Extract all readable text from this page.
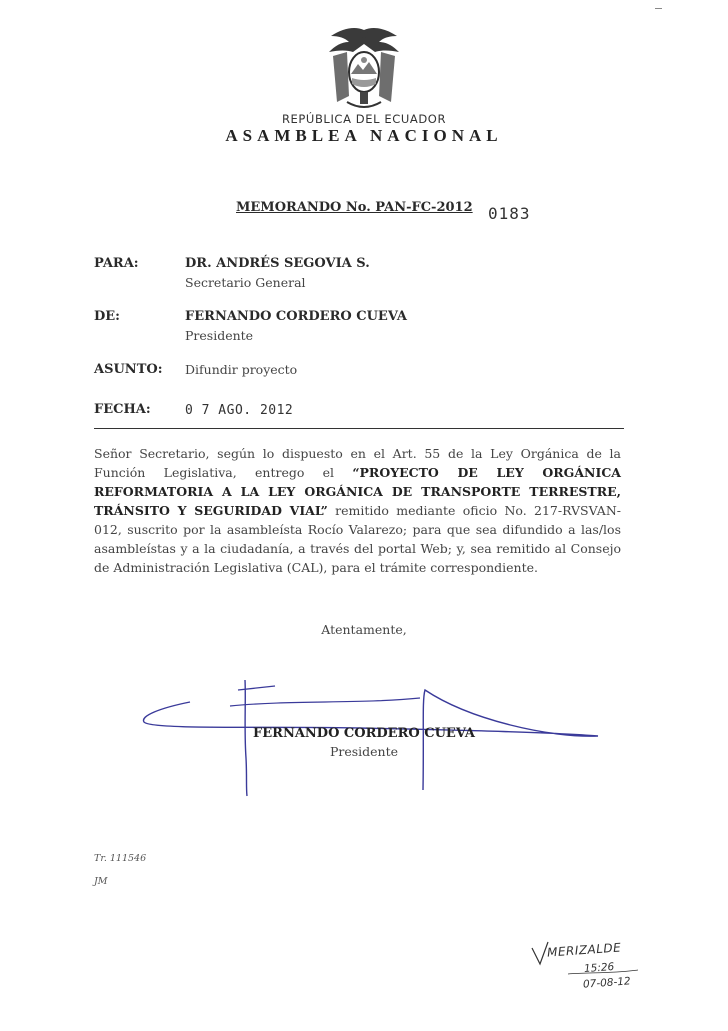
REPÚBLICA DEL ECUADOR
ASAMBLEA NACIONAL
MEMORANDO No. PAN-FC-2012 0183
PARA:	DR. ANDRÉS SEGOVIA S.
Secretario General
DE:	FERNANDO CORDERO CUEVA
Presidente
ASUNTO: Difundir proyecto
FECHA:	0 7 AGO. 2012
Señor Secretario, según lo dispuesto en el Art. 55 de la Ley Orgánica de la Función Legislativa, entrego el “PROYECTO DE LEY ORGÁNICA REFORMATORIA A LA LEY ORGÁNICA DE TRANSPORTE TERRESTRE, TRÁNSITO Y SEGURIDAD VIAL” remitido mediante oficio No. 217-RVSVAN-012, suscrito por la asambleísta Rocío Valarezo; para que sea difundido a las/los asambleístas y a la ciudadanía, a través del portal Web; y, sea remitido al Consejo de Administración Legislativa (CAL), para el trámite correspondiente.
Atentamente,
FERNANDO CORDERO CUEVA
Presidente
Tr. 111546
JM
MERIZALDE
15:26
07-08-12
